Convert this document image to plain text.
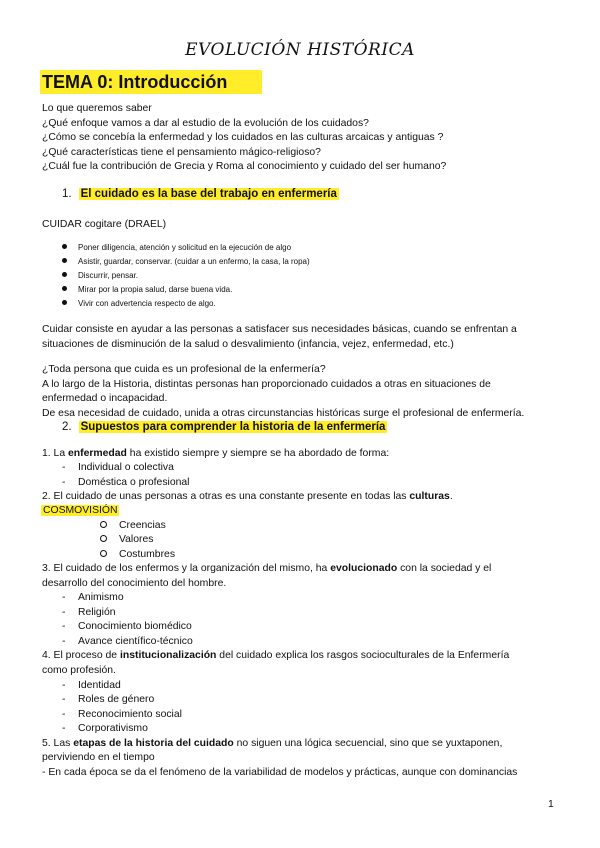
EVOLUCIÓN HISTÓRICA
TEMA 0: Introducción
Lo que queremos saber
¿Qué enfoque vamos a dar al estudio de la evolución de los cuidados?
¿Cómo se concebía la enfermedad y los cuidados en las culturas arcaicas y antiguas ?
¿Qué características tiene el pensamiento mágico-religioso?
¿Cuál fue la contribución de Grecia y Roma al conocimiento y cuidado del ser humano?
1. El cuidado es la base del trabajo en enfermería
CUIDAR cogitare (DRAEL)
Poner diligencia, atención y solicitud en la ejecución de algo
Asistir, guardar, conservar. (cuidar a un enfermo, la casa, la ropa)
Discurrir, pensar.
Mirar por la propia salud, darse buena vida.
Vivir con advertencia respecto de algo.
Cuidar consiste en ayudar a las personas a satisfacer sus necesidades básicas, cuando se enfrentan a
situaciones de disminución de la salud o desvalimiento (infancia, vejez, enfermedad, etc.)
¿Toda persona que cuida es un profesional de la enfermería?
A lo largo de la Historia, distintas personas han proporcionado cuidados a otras en situaciones de
enfermedad o incapacidad.
De esa necesidad de cuidado, unida a otras circunstancias históricas surge el profesional de enfermería.
2. Supuestos para comprender la historia de la enfermería
1. La enfermedad ha existido siempre y siempre se ha abordado de forma:
- Individual o colectiva
- Doméstica o profesional
2. El cuidado de unas personas a otras es una constante presente en todas las culturas.
COSMOVISIÓN
Creencias
Valores
Costumbres
3. El cuidado de los enfermos y la organización del mismo, ha evolucionado con la sociedad y el
desarrollo del conocimiento del hombre.
- Animismo
- Religión
- Conocimiento biomédico
- Avance científico-técnico
4. El proceso de institucionalización del cuidado explica los rasgos socioculturales de la Enfermería
como profesión.
- Identidad
- Roles de género
- Reconocimiento social
- Corporativismo
5. Las etapas de la historia del cuidado no siguen una lógica secuencial, sino que se yuxtaponen,
perviviendo en el tiempo
- En cada época se da el fenómeno de la variabilidad de modelos y prácticas, aunque con dominancias
1
